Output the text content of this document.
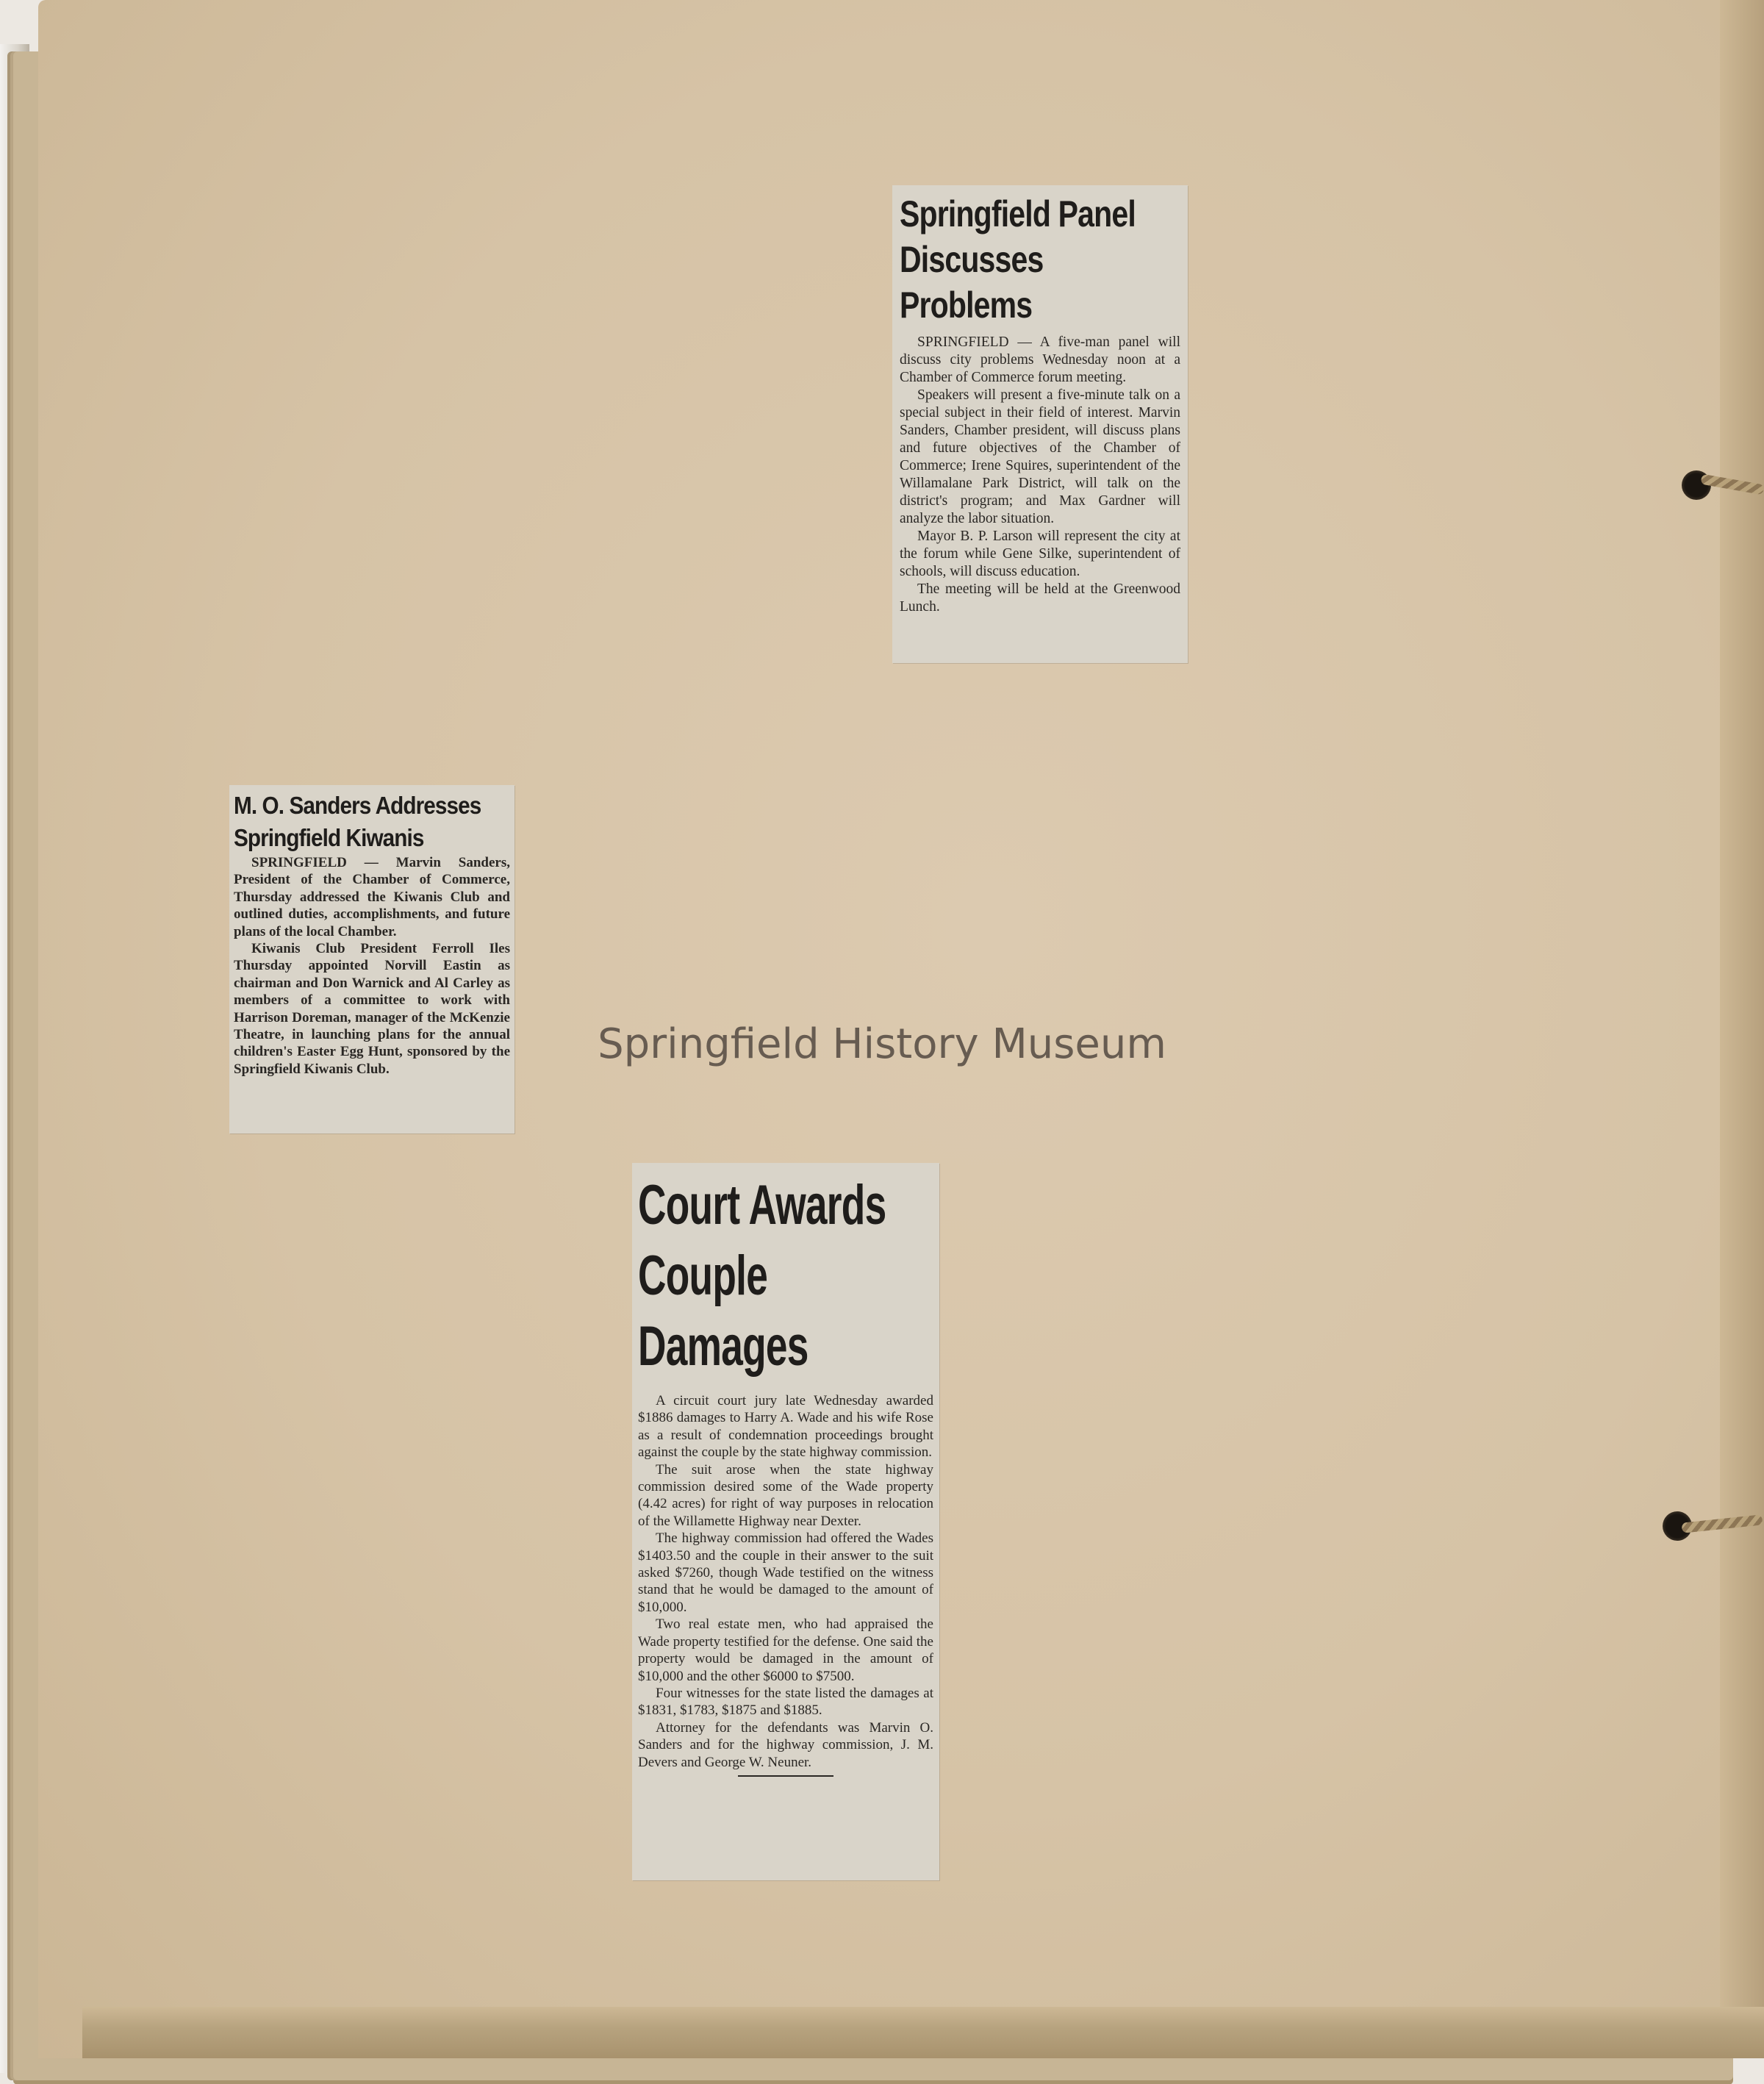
Springfield Panel
Discusses Problems

SPRINGFIELD — A five-man panel will discuss city problems Wednesday noon at a Chamber of Commerce forum meeting.

Speakers will present a five-minute talk on a special subject in their field of interest. Marvin Sanders, Chamber president, will discuss plans and future objectives of the Chamber of Commerce; Irene Squires, superintendent of the Willamalane Park District, will talk on the district's program; and Max Gardner will analyze the labor situation.

Mayor B. P. Larson will represent the city at the forum while Gene Silke, superintendent of schools, will discuss education.

The meeting will be held at the Greenwood Lunch.

M. O. Sanders Addresses
Springfield Kiwanis

SPRINGFIELD — Marvin Sanders, President of the Chamber of Commerce, Thursday addressed the Kiwanis Club and outlined duties, accomplishments, and future plans of the local Chamber.

Kiwanis Club President Ferroll Iles Thursday appointed Norvill Eastin as chairman and Don Warnick and Al Carley as members of a committee to work with Harrison Doreman, manager of the McKenzie Theatre, in launching plans for the annual children's Easter Egg Hunt, sponsored by the Springfield Kiwanis Club.

Court Awards
Couple Damages

A circuit court jury late Wednesday awarded $1886 damages to Harry A. Wade and his wife Rose as a result of condemnation proceedings brought against the couple by the state highway commission.

The suit arose when the state highway commission desired some of the Wade property (4.42 acres) for right of way purposes in relocation of the Willamette Highway near Dexter.

The highway commission had offered the Wades $1403.50 and the couple in their answer to the suit asked $7260, though Wade testified on the witness stand that he would be damaged to the amount of $10,000.

Two real estate men, who had appraised the Wade property testified for the defense. One said the property would be damaged in the amount of $10,000 and the other $6000 to $7500.

Four witnesses for the state listed the damages at $1831, $1783, $1875 and $1885.

Attorney for the defendants was Marvin O. Sanders and for the highway commission, J. M. Devers and George W. Neuner.

Springfield History Museum
